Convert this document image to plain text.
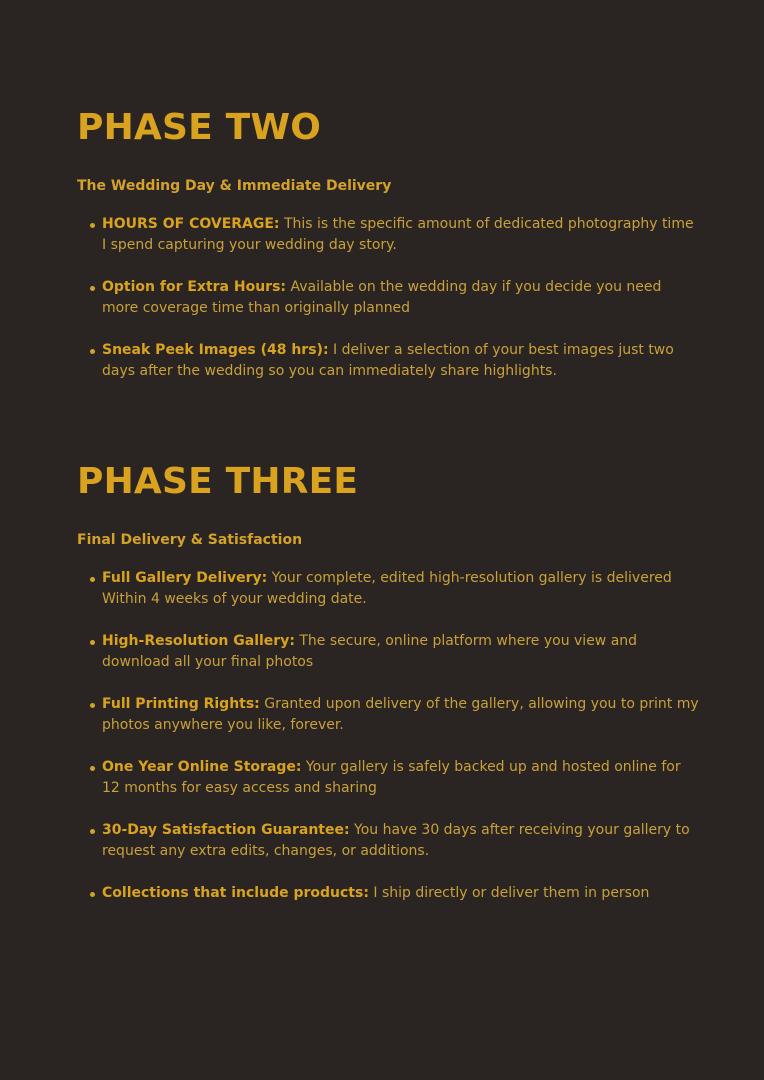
PHASE TWO
The Wedding Day & Immediate Delivery
HOURS OF COVERAGE: This is the specific amount of dedicated photography time I spend capturing your wedding day story.
Option for Extra Hours: Available on the wedding day if you decide you need more coverage time than originally planned
Sneak Peek Images (48 hrs): I deliver a selection of your best images just two days after the wedding so you can immediately share highlights.
PHASE THREE
Final Delivery & Satisfaction
Full Gallery Delivery: Your complete, edited high-resolution gallery is delivered Within 4 weeks of your wedding date.
High-Resolution Gallery: The secure, online platform where you view and download all your final photos
Full Printing Rights: Granted upon delivery of the gallery, allowing you to print my photos anywhere you like, forever.
One Year Online Storage: Your gallery is safely backed up and hosted online for 12 months for easy access and sharing
30-Day Satisfaction Guarantee: You have 30 days after receiving your gallery to request any extra edits, changes, or additions.
Collections that include products: I ship directly or deliver them in person
